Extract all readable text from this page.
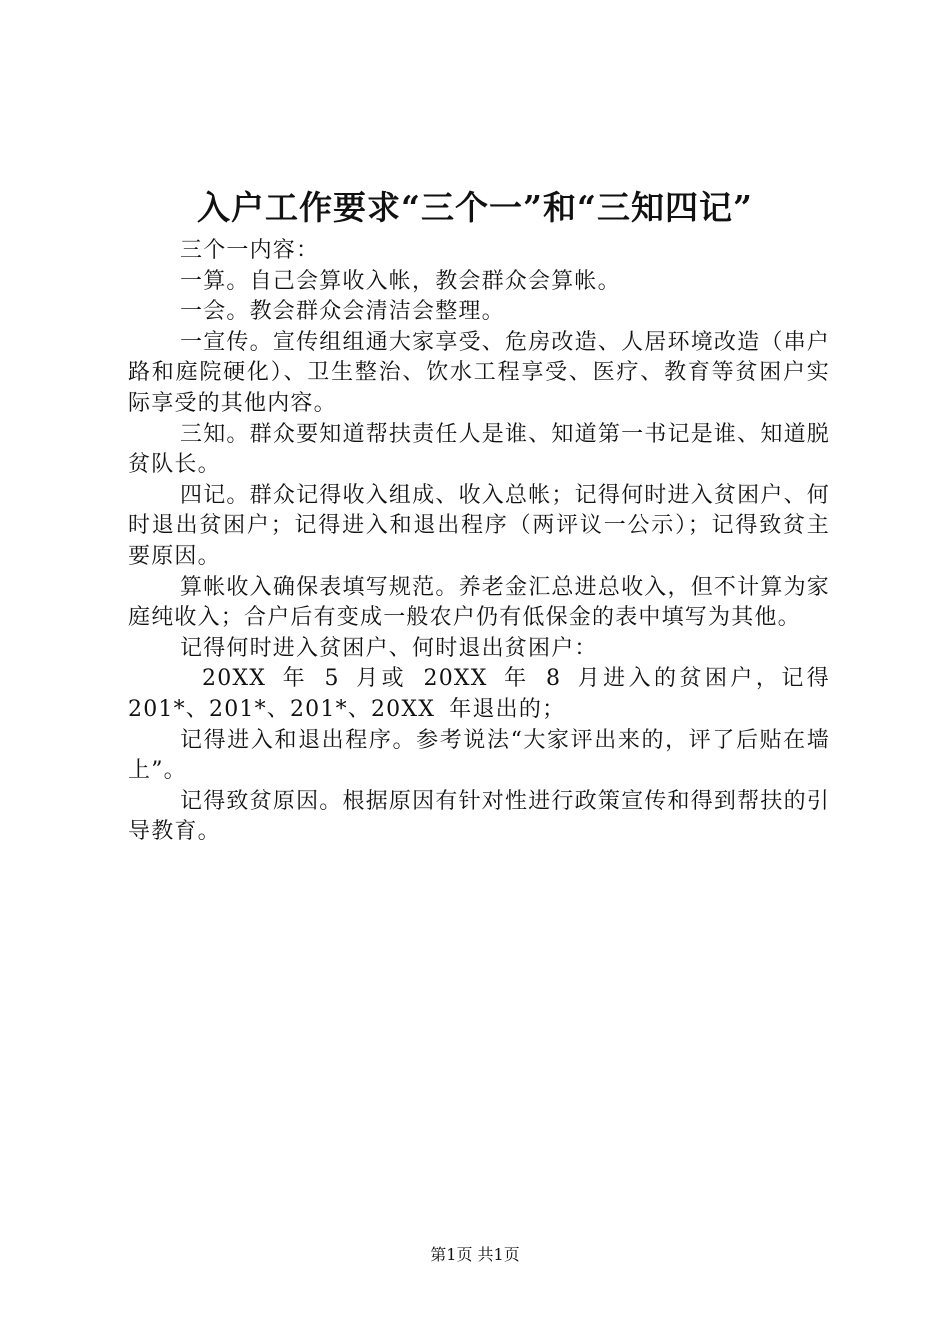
入户工作要求“三个一”和“三知四记”

三个一内容：

一算。自己会算收入帐，教会群众会算帐。

一会。教会群众会清洁会整理。

一宣传。宣传组组通大家享受、危房改造、人居环境改造（串户路和庭院硬化）、卫生整治、饮水工程享受、医疗、教育等贫困户实际享受的其他内容。

三知。群众要知道帮扶责任人是谁、知道第一书记是谁、知道脱贫队长。

四记。群众记得收入组成、收入总帐；记得何时进入贫困户、何时退出贫困户；记得进入和退出程序（两评议一公示）；记得致贫主要原因。

算帐收入确保表填写规范。养老金汇总进总收入，但不计算为家庭纯收入；合户后有变成一般农户仍有低保金的表中填写为其他。

记得何时进入贫困户、何时退出贫困户：

20XX 年 5 月或 20XX 年 8 月进入的贫困户，记得 201*、201*、201*、20XX 年退出的；

记得进入和退出程序。参考说法“大家评出来的，评了后贴在墙上”。

记得致贫原因。根据原因有针对性进行政策宣传和得到帮扶的引导教育。

第1页 共1页
